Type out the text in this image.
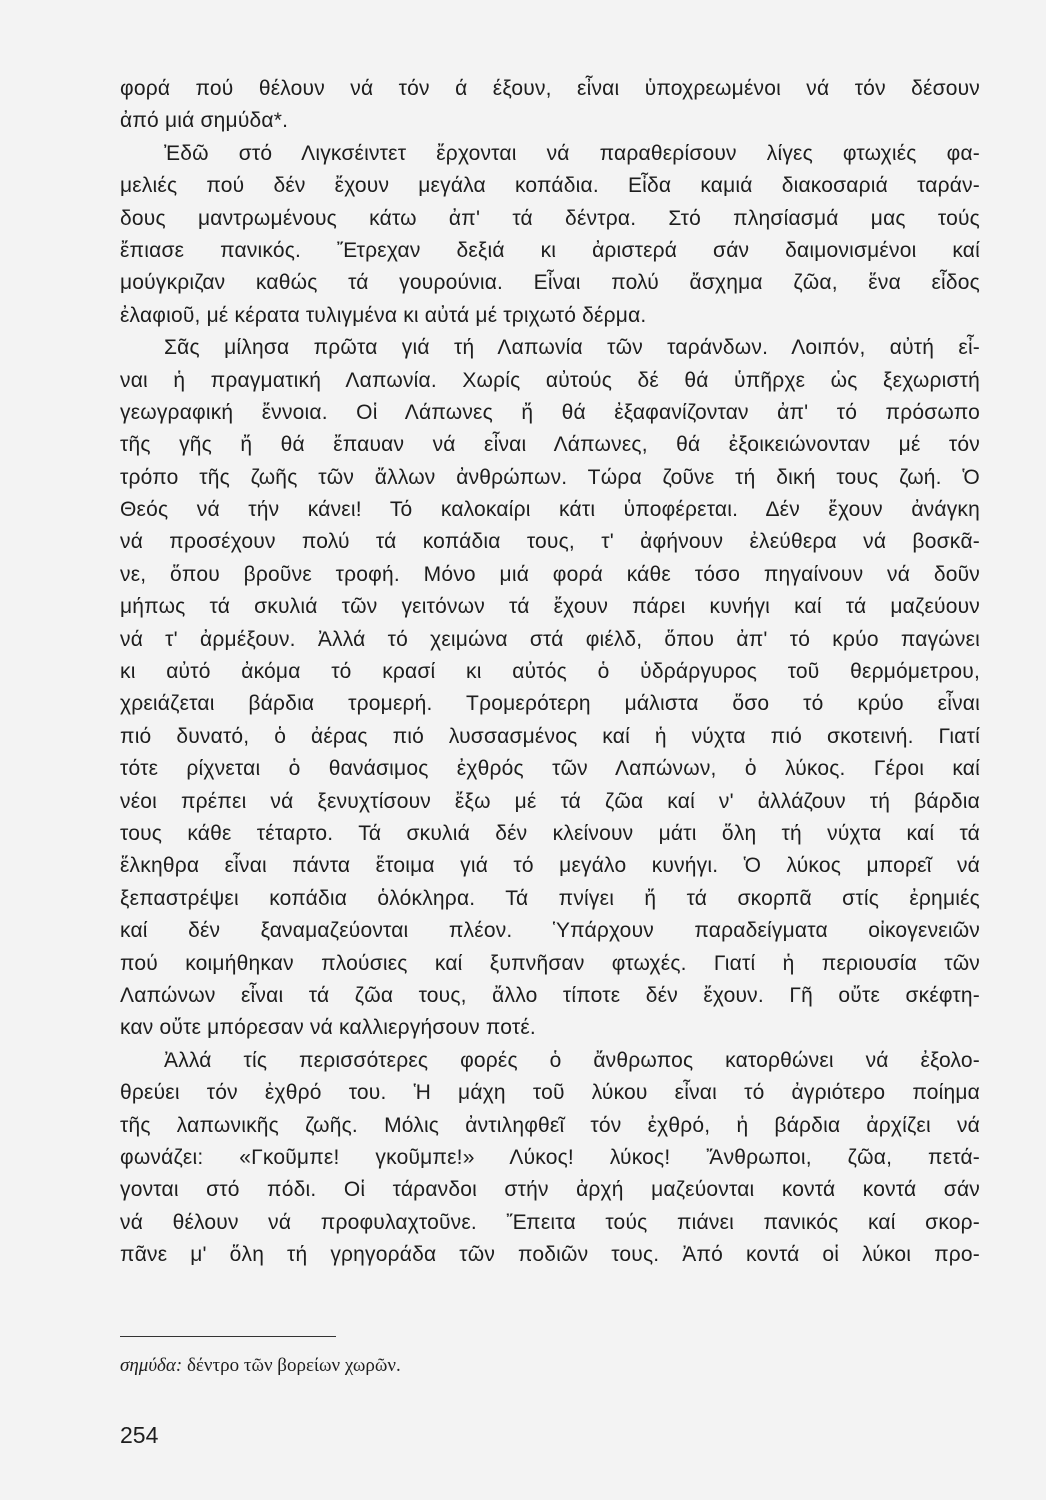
φορά πού θέλουν νά τόν ά έξουν, εἶναι ὑποχρεωμένοι νά τόν δέσουν
ἀπό μιά σημύδα*.
Ἐδῶ στό Λιγκσέιντετ ἔρχονται νά παραθερίσουν λίγες φτωχιές φα-
μελιές πού δέν ἔχουν μεγάλα κοπάδια. Εἶδα καμιά διακοσαριά ταράν-
δους μαντρωμένους κάτω ἀπ' τά δέντρα. Στό πλησίασμά μας τούς
ἔπιασε πανικός. Ἔτρεχαν δεξιά κι ἀριστερά σάν δαιμονισμένοι καί
μούγκριζαν καθώς τά γουρούνια. Εἶναι πολύ ἄσχημα ζῶα, ἕνα εἶδος
ἐλαφιοῦ, μέ κέρατα τυλιγμένα κι αὐτά μέ τριχωτό δέρμα.
Σᾶς μίλησα πρῶτα γιά τή Λαπωνία τῶν ταράνδων. Λοιπόν, αὐτή εἶ-
ναι ἡ πραγματική Λαπωνία. Χωρίς αὐτούς δέ θά ὑπῆρχε ὡς ξεχωριστή
γεωγραφική ἔννοια. Οἱ Λάπωνες ἤ θά ἐξαφανίζονταν ἀπ' τό πρόσωπο
τῆς γῆς ἤ θά ἔπαυαν νά εἶναι Λάπωνες, θά ἐξοικειώνονταν μέ τόν
τρόπο τῆς ζωῆς τῶν ἄλλων ἀνθρώπων. Τώρα ζοῦνε τή δική τους ζωή. Ὁ
Θεός νά τήν κάνει! Τό καλοκαίρι κάτι ὑποφέρεται. Δέν ἔχουν ἀνάγκη
νά προσέχουν πολύ τά κοπάδια τους, τ' ἀφήνουν ἐλεύθερα νά βοσκᾶ-
νε, ὅπου βροῦνε τροφή. Μόνο μιά φορά κάθε τόσο πηγαίνουν νά δοῦν
μήπως τά σκυλιά τῶν γειτόνων τά ἔχουν πάρει κυνήγι καί τά μαζεύουν
νά τ' ἀρμέξουν. Ἀλλά τό χειμώνα στά φιέλδ, ὅπου ἀπ' τό κρύο παγώνει
κι αὐτό ἀκόμα τό κρασί κι αὐτός ὁ ὑδράργυρος τοῦ θερμόμετρου,
χρειάζεται βάρδια τρομερή. Τρομερότερη μάλιστα ὅσο τό κρύο εἶναι
πιό δυνατό, ὁ ἀέρας πιό λυσσασμένος καί ἡ νύχτα πιό σκοτεινή. Γιατί
τότε ρίχνεται ὁ θανάσιμος ἐχθρός τῶν Λαπώνων, ὁ λύκος. Γέροι καί
νέοι πρέπει νά ξενυχτίσουν ἔξω μέ τά ζῶα καί ν' ἀλλάζουν τή βάρδια
τους κάθε τέταρτο. Τά σκυλιά δέν κλείνουν μάτι ὅλη τή νύχτα καί τά
ἕλκηθρα εἶναι πάντα ἕτοιμα γιά τό μεγάλο κυνήγι. Ὁ λύκος μπορεῖ νά
ξεπαστρέψει κοπάδια ὁλόκληρα. Τά πνίγει ἤ τά σκορπᾶ στίς ἐρημιές
καί δέν ξαναμαζεύονται πλέον. Ὑπάρχουν παραδείγματα οἰκογενειῶν
πού κοιμήθηκαν πλούσιες καί ξυπνῆσαν φτωχές. Γιατί ἡ περιουσία τῶν
Λαπώνων εἶναι τά ζῶα τους, ἄλλο τίποτε δέν ἔχουν. Γῆ οὔτε σκέφτη-
καν οὔτε μπόρεσαν νά καλλιεργήσουν ποτέ.
Ἀλλά τίς περισσότερες φορές ὁ ἄνθρωπος κατορθώνει νά ἐξολο-
θρεύει τόν ἐχθρό του. Ἡ μάχη τοῦ λύκου εἶναι τό ἀγριότερο ποίημα
τῆς λαπωνικῆς ζωῆς. Μόλις ἀντιληφθεῖ τόν ἐχθρό, ἡ βάρδια ἀρχίζει νά
φωνάζει: «Γκοῦμπε! γκοῦμπε!» Λύκος! λύκος! Ἄνθρωποι, ζῶα, πετά-
γονται στό πόδι. Οἱ τάρανδοι στήν ἀρχή μαζεύονται κοντά κοντά σάν
νά θέλουν νά προφυλαχτοῦνε. Ἔπειτα τούς πιάνει πανικός καί σκορ-
πᾶνε μ' ὅλη τή γρηγοράδα τῶν ποδιῶν τους. Ἀπό κοντά οἱ λύκοι προ-
σημύδα: δέντρο τῶν βορείων χωρῶν.
254
